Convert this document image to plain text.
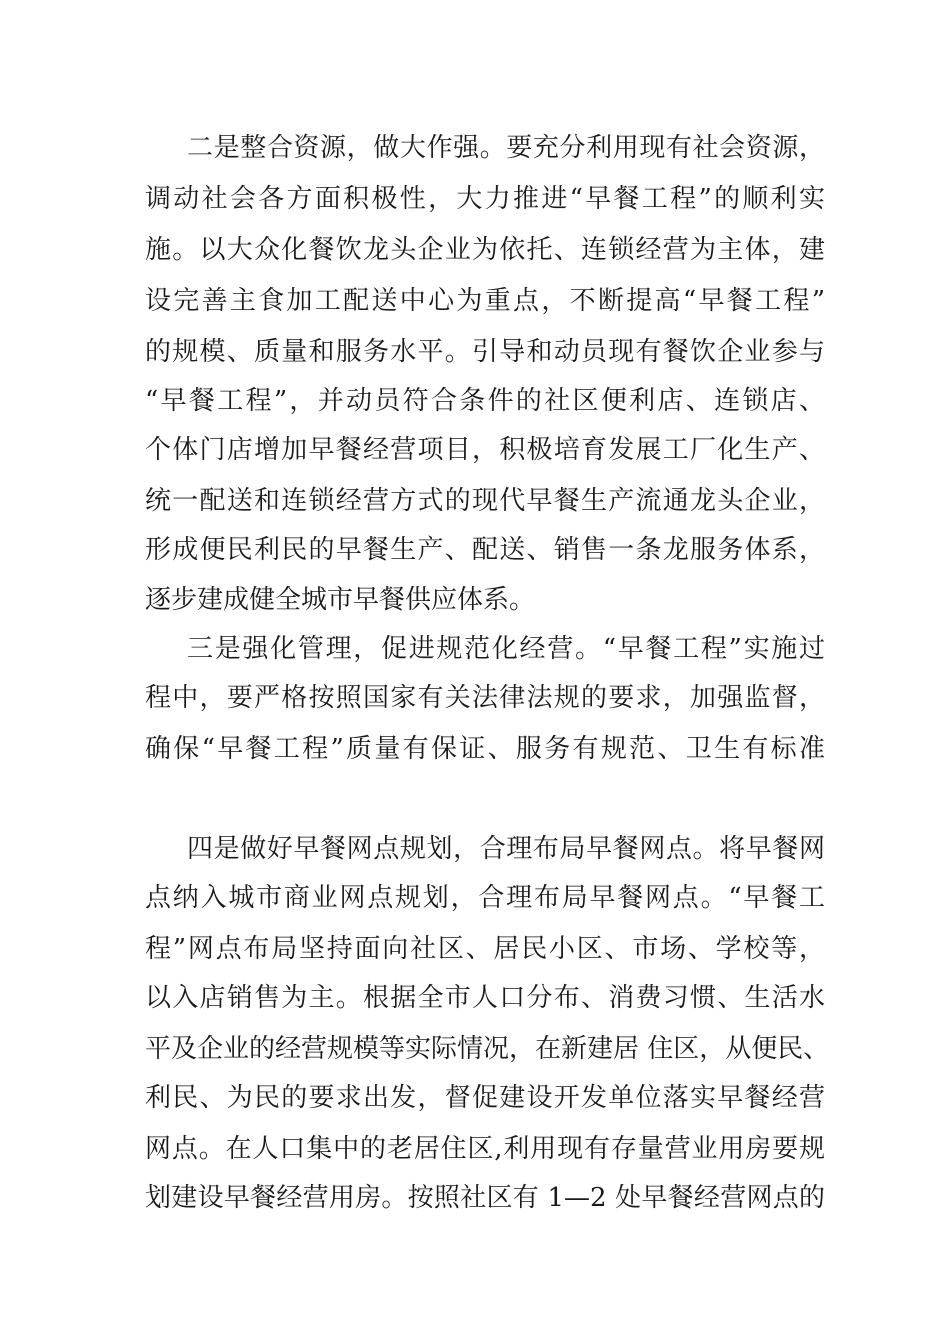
二是整合资源，做大作强。要充分利用现有社会资源，
调动社会各方面积极性，大力推进“早餐工程”的顺利实
施。以大众化餐饮龙头企业为依托、连锁经营为主体，建
设完善主食加工配送中心为重点，不断提高“早餐工程”
的规模、质量和服务水平。引导和动员现有餐饮企业参与
“早餐工程”，并动员符合条件的社区便利店、连锁店、
个体门店增加早餐经营项目，积极培育发展工厂化生产、
统一配送和连锁经营方式的现代早餐生产流通龙头企业，
形成便民利民的早餐生产、配送、销售一条龙服务体系，
逐步建成健全城市早餐供应体系。
三是强化管理，促进规范化经营。“早餐工程”实施过
程中，要严格按照国家有关法律法规的要求，加强监督，
确保“早餐工程”质量有保证、服务有规范、卫生有标准
四是做好早餐网点规划，合理布局早餐网点。将早餐网
点纳入城市商业网点规划，合理布局早餐网点。“早餐工
程”网点布局坚持面向社区、居民小区、市场、学校等，
以入店销售为主。根据全市人口分布、消费习惯、生活水
平及企业的经营规模等实际情况，在新建居 住区，从便民、
利民、为民的要求出发，督促建设开发单位落实早餐经营
网点。在人口集中的老居住区,利用现有存量营业用房要规
划建设早餐经营用房。按照社区有 1—2 处早餐经营网点的
